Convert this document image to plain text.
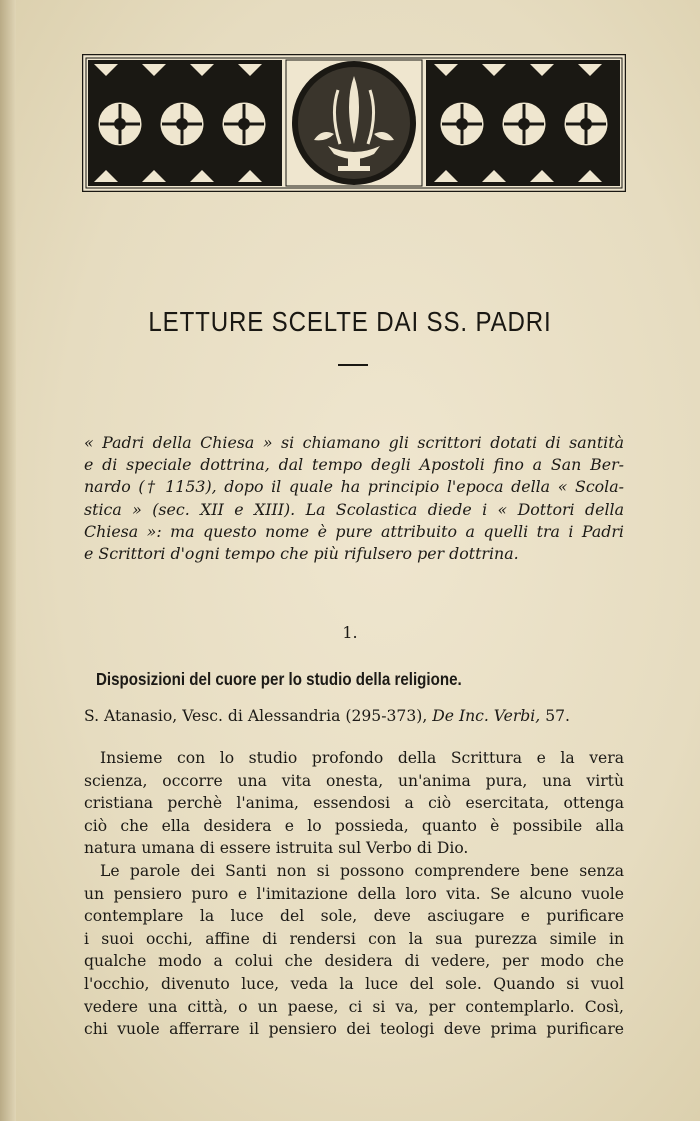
LETTURE SCELTE DAI SS. PADRI
« Padri della Chiesa » si chiamano gli scrittori dotati di santità
e di speciale dottrina, dal tempo degli Apostoli fino a San Ber-
nardo († 1153), dopo il quale ha principio l'epoca della « Scola-
stica » (sec. XII e XIII). La Scolastica diede i « Dottori della
Chiesa »: ma questo nome è pure attribuito a quelli tra i Padri
e Scrittori d'ogni tempo che più rifulsero per dottrina.
1.
Disposizioni del cuore per lo studio della religione.
S. Atanasio, Vesc. di Alessandria (295-373), De Inc. Verbi, 57.
Insieme con lo studio profondo della Scrittura e la vera
scienza, occorre una vita onesta, un'anima pura, una virtù
cristiana perchè l'anima, essendosi a ciò esercitata, ottenga
ciò che ella desidera e lo possieda, quanto è possibile alla
natura umana di essere istruita sul Verbo di Dio.
Le parole dei Santi non si possono comprendere bene senza
un pensiero puro e l'imitazione della loro vita. Se alcuno vuole
contemplare la luce del sole, deve asciugare e purificare
i suoi occhi, affine di rendersi con la sua purezza simile in
qualche modo a colui che desidera di vedere, per modo che
l'occhio, divenuto luce, veda la luce del sole. Quando si vuol
vedere una città, o un paese, ci si va, per contemplarlo. Così,
chi vuole afferrare il pensiero dei teologi deve prima purificare
